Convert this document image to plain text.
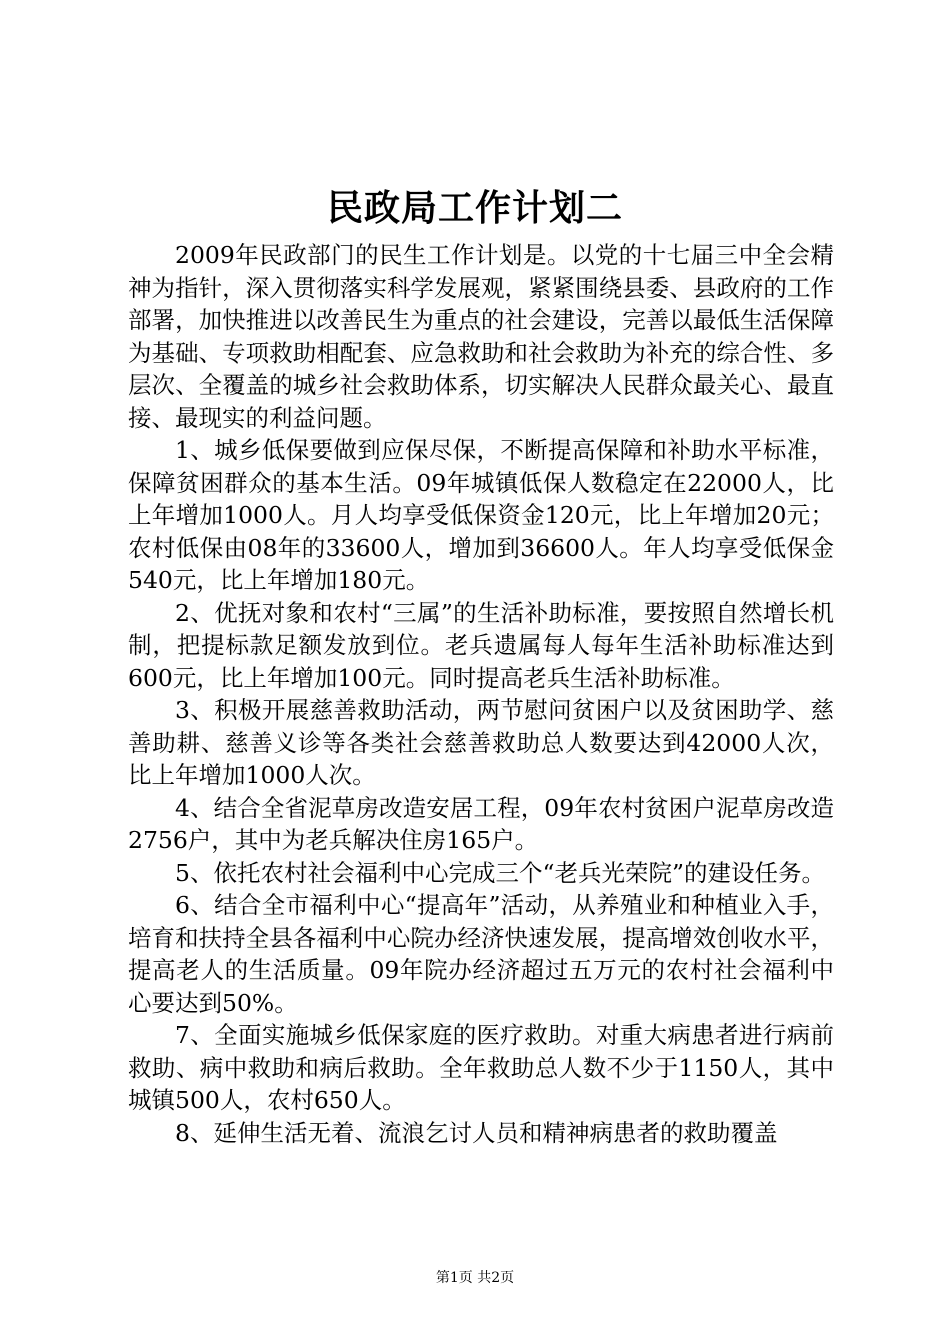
民政局工作计划二

2009年民政部门的民生工作计划是。以党的十七届三中全会精神为指针，深入贯彻落实科学发展观，紧紧围绕县委、县政府的工作部署，加快推进以改善民生为重点的社会建设，完善以最低生活保障为基础、专项救助相配套、应急救助和社会救助为补充的综合性、多层次、全覆盖的城乡社会救助体系，切实解决人民群众最关心、最直接、最现实的利益问题。

1、城乡低保要做到应保尽保，不断提高保障和补助水平标准，保障贫困群众的基本生活。09年城镇低保人数稳定在22000人，比上年增加1000人。月人均享受低保资金120元，比上年增加20元；农村低保由08年的33600人，增加到36600人。年人均享受低保金540元，比上年增加180元。

2、优抚对象和农村“三属”的生活补助标准，要按照自然增长机制，把提标款足额发放到位。老兵遗属每人每年生活补助标准达到600元，比上年增加100元。同时提高老兵生活补助标准。

3、积极开展慈善救助活动，两节慰问贫困户以及贫困助学、慈善助耕、慈善义诊等各类社会慈善救助总人数要达到42000人次，比上年增加1000人次。

4、结合全省泥草房改造安居工程，09年农村贫困户泥草房改造2756户，其中为老兵解决住房165户。

5、依托农村社会福利中心完成三个“老兵光荣院”的建设任务。

6、结合全市福利中心“提高年”活动，从养殖业和种植业入手，培育和扶持全县各福利中心院办经济快速发展，提高增效创收水平，提高老人的生活质量。09年院办经济超过五万元的农村社会福利中心要达到50%。

7、全面实施城乡低保家庭的医疗救助。对重大病患者进行病前救助、病中救助和病后救助。全年救助总人数不少于1150人，其中城镇500人，农村650人。

8、延伸生活无着、流浪乞讨人员和精神病患者的救助覆盖

第1页 共2页
